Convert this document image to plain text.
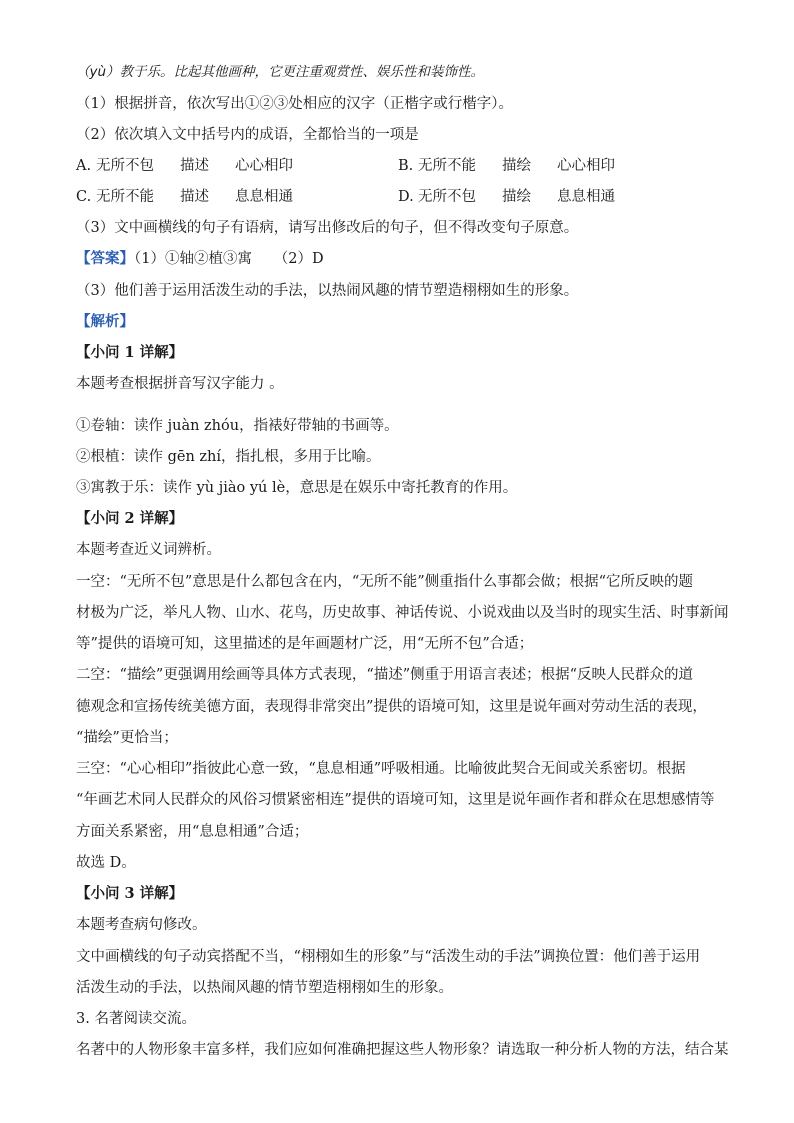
（yù）教于乐。比起其他画种，它更注重观赏性、娱乐性和装饰性。
（1）根据拼音，依次写出①②③处相应的汉字（正楷字或行楷字）。
（2）依次填入文中括号内的成语，全都恰当的一项是
A. 无所不包 描述 心心相印	B. 无所不能 描绘 心心相印
C. 无所不能 描述 息息相通	D. 无所不包 描绘 息息相通
（3）文中画横线的句子有语病，请写出修改后的句子，但不得改变句子原意。
【答案】（1）①轴②植③寓　　（2）D
（3）他们善于运用活泼生动的手法，以热闹风趣的情节塑造栩栩如生的形象。
【解析】
【小问 1 详解】
本题考查根据拼音写汉字能力 。
①卷轴：读作 juàn zhóu，指裱好带轴的书画等。
②根植：读作 gēn zhí，指扎根，多用于比喻。
③寓教于乐：读作 yù jiào yú lè，意思是在娱乐中寄托教育的作用。
【小问 2 详解】
本题考查近义词辨析。
一空：“无所不包”意思是什么都包含在内，“无所不能”侧重指什么事都会做；根据“它所反映的题
材极为广泛，举凡人物、山水、花鸟，历史故事、神话传说、小说戏曲以及当时的现实生活、时事新闻
等”提供的语境可知，这里描述的是年画题材广泛，用“无所不包”合适；
二空：“描绘”更强调用绘画等具体方式表现，“描述”侧重于用语言表述；根据“反映人民群众的道
德观念和宣扬传统美德方面，表现得非常突出”提供的语境可知，这里是说年画对劳动生活的表现，
“描绘”更恰当；
三空：“心心相印”指彼此心意一致，“息息相通”呼吸相通。比喻彼此契合无间或关系密切。根据
“年画艺术同人民群众的风俗习惯紧密相连”提供的语境可知，这里是说年画作者和群众在思想感情等
方面关系紧密，用“息息相通”合适；
故选 D。
【小问 3 详解】
本题考查病句修改。
文中画横线的句子动宾搭配不当，“栩栩如生的形象”与“活泼生动的手法”调换位置：他们善于运用
活泼生动的手法，以热闹风趣的情节塑造栩栩如生的形象。
3. 名著阅读交流。
名著中的人物形象丰富多样，我们应如何准确把握这些人物形象？请选取一种分析人物的方法，结合某
